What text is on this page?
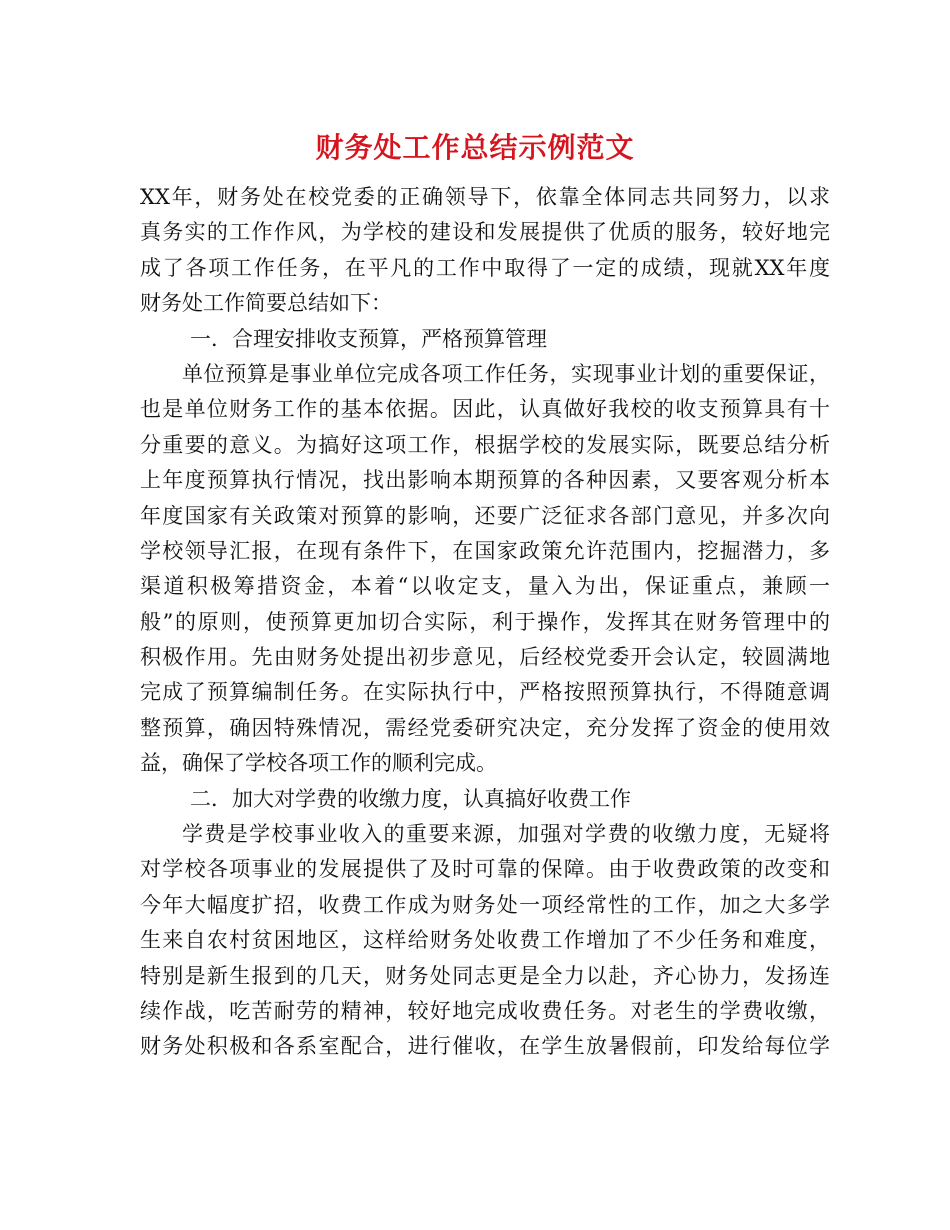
财务处工作总结示例范文
XX年，财务处在校党委的正确领导下，依靠全体同志共同努力，以求
真务实的工作作风，为学校的建设和发展提供了优质的服务，较好地完
成了各项工作任务，在平凡的工作中取得了一定的成绩，现就XX年度
财务处工作简要总结如下：
一．合理安排收支预算，严格预算管理
单位预算是事业单位完成各项工作任务，实现事业计划的重要保证，
也是单位财务工作的基本依据。因此，认真做好我校的收支预算具有十
分重要的意义。为搞好这项工作，根据学校的发展实际，既要总结分析
上年度预算执行情况，找出影响本期预算的各种因素，又要客观分析本
年度国家有关政策对预算的影响，还要广泛征求各部门意见，并多次向
学校领导汇报，在现有条件下，在国家政策允许范围内，挖掘潜力，多
渠道积极筹措资金，本着“以收定支，量入为出，保证重点，兼顾一
般”的原则，使预算更加切合实际，利于操作，发挥其在财务管理中的
积极作用。先由财务处提出初步意见，后经校党委开会认定，较圆满地
完成了预算编制任务。在实际执行中，严格按照预算执行，不得随意调
整预算，确因特殊情况，需经党委研究决定，充分发挥了资金的使用效
益，确保了学校各项工作的顺利完成。
二．加大对学费的收缴力度，认真搞好收费工作
学费是学校事业收入的重要来源，加强对学费的收缴力度，无疑将
对学校各项事业的发展提供了及时可靠的保障。由于收费政策的改变和
今年大幅度扩招，收费工作成为财务处一项经常性的工作，加之大多学
生来自农村贫困地区，这样给财务处收费工作增加了不少任务和难度，
特别是新生报到的几天，财务处同志更是全力以赴，齐心协力，发扬连
续作战，吃苦耐劳的精神，较好地完成收费任务。对老生的学费收缴，
财务处积极和各系室配合，进行催收，在学生放暑假前，印发给每位学
